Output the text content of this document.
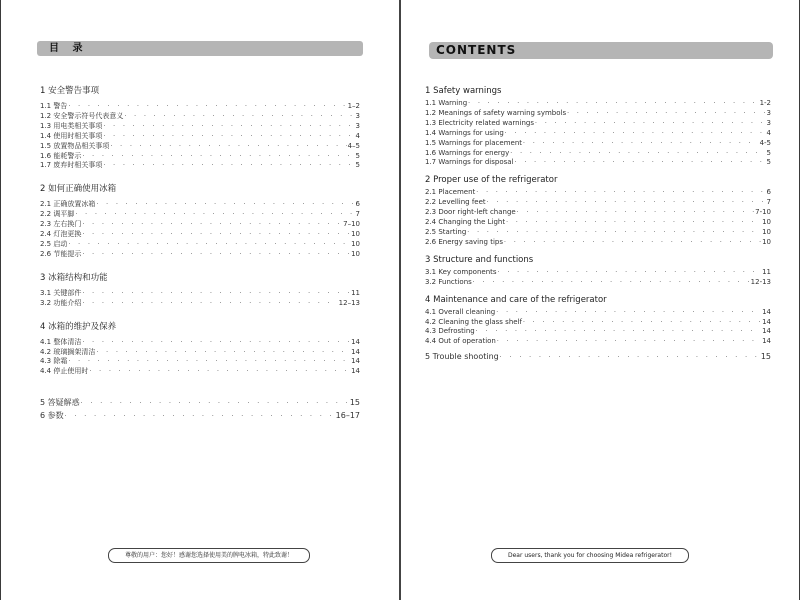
目 录
1 安全警告事项
1.1 警告 · · ·	1–2
1.2 安全警示符号代表意义 · · ·	3
1.3 用电类相关事项 · · ·	3
1.4 使用时相关事项 · · ·	4
1.5 放置物品相关事项 · · ·	4–5
1.6 能耗警示 · · ·	5
1.7 废弃时相关事项 · · ·	5
2 如何正确使用冰箱
2.1 正确放置冰箱 · · ·	6
2.2 调平脚 · · ·	7
2.3 左右换门 · · ·	7–10
2.4 灯泡更换 · · ·	10
2.5 启动 · · ·	10
2.6 节能提示 · · ·	10
3 冰箱结构和功能
3.1 关键部件 · · ·	11
3.2 功能介绍 · · ·	12–13
4 冰箱的维护及保养
4.1 整体清洁 · · ·	14
4.2 玻璃搁架清洁 · · ·	14
4.3 除霜 · · ·	14
4.4 停止使用时 · · ·	14
5 答疑解惑 · · ·	15
6 参数 · · ·	16–17
尊敬的用户：您好！感谢您选择使用美的牌电冰箱，特此致谢！
CONTENTS
1 Safety warnings
1.1 Warning · · ·	1-2
1.2 Meanings of safety warning symbols · · ·	3
1.3 Electricity related warnings · · ·	3
1.4 Warnings for using · · ·	4
1.5 Warnings for placement · · ·	4-5
1.6 Warnings for energy · · ·	5
1.7 Warnings for disposal · · ·	5
2 Proper use of the refrigerator
2.1 Placement · · ·	6
2.2 Levelling feet · · ·	7
2.3 Door right-left change · · ·	7-10
2.4 Changing the Light · · ·	10
2.5 Starting · · ·	10
2.6 Energy saving tips · · ·	10
3 Structure and functions
3.1 Key components · · ·	11
3.2 Functions · · ·	12-13
4 Maintenance and care of the refrigerator
4.1 Overall cleaning · · ·	14
4.2 Cleaning the glass shelf · · ·	14
4.3 Defrosting · · ·	14
4.4 Out of operation · · ·	14
5 Trouble shooting · · ·	15
Dear users, thank you for choosing Midea refrigerator!
